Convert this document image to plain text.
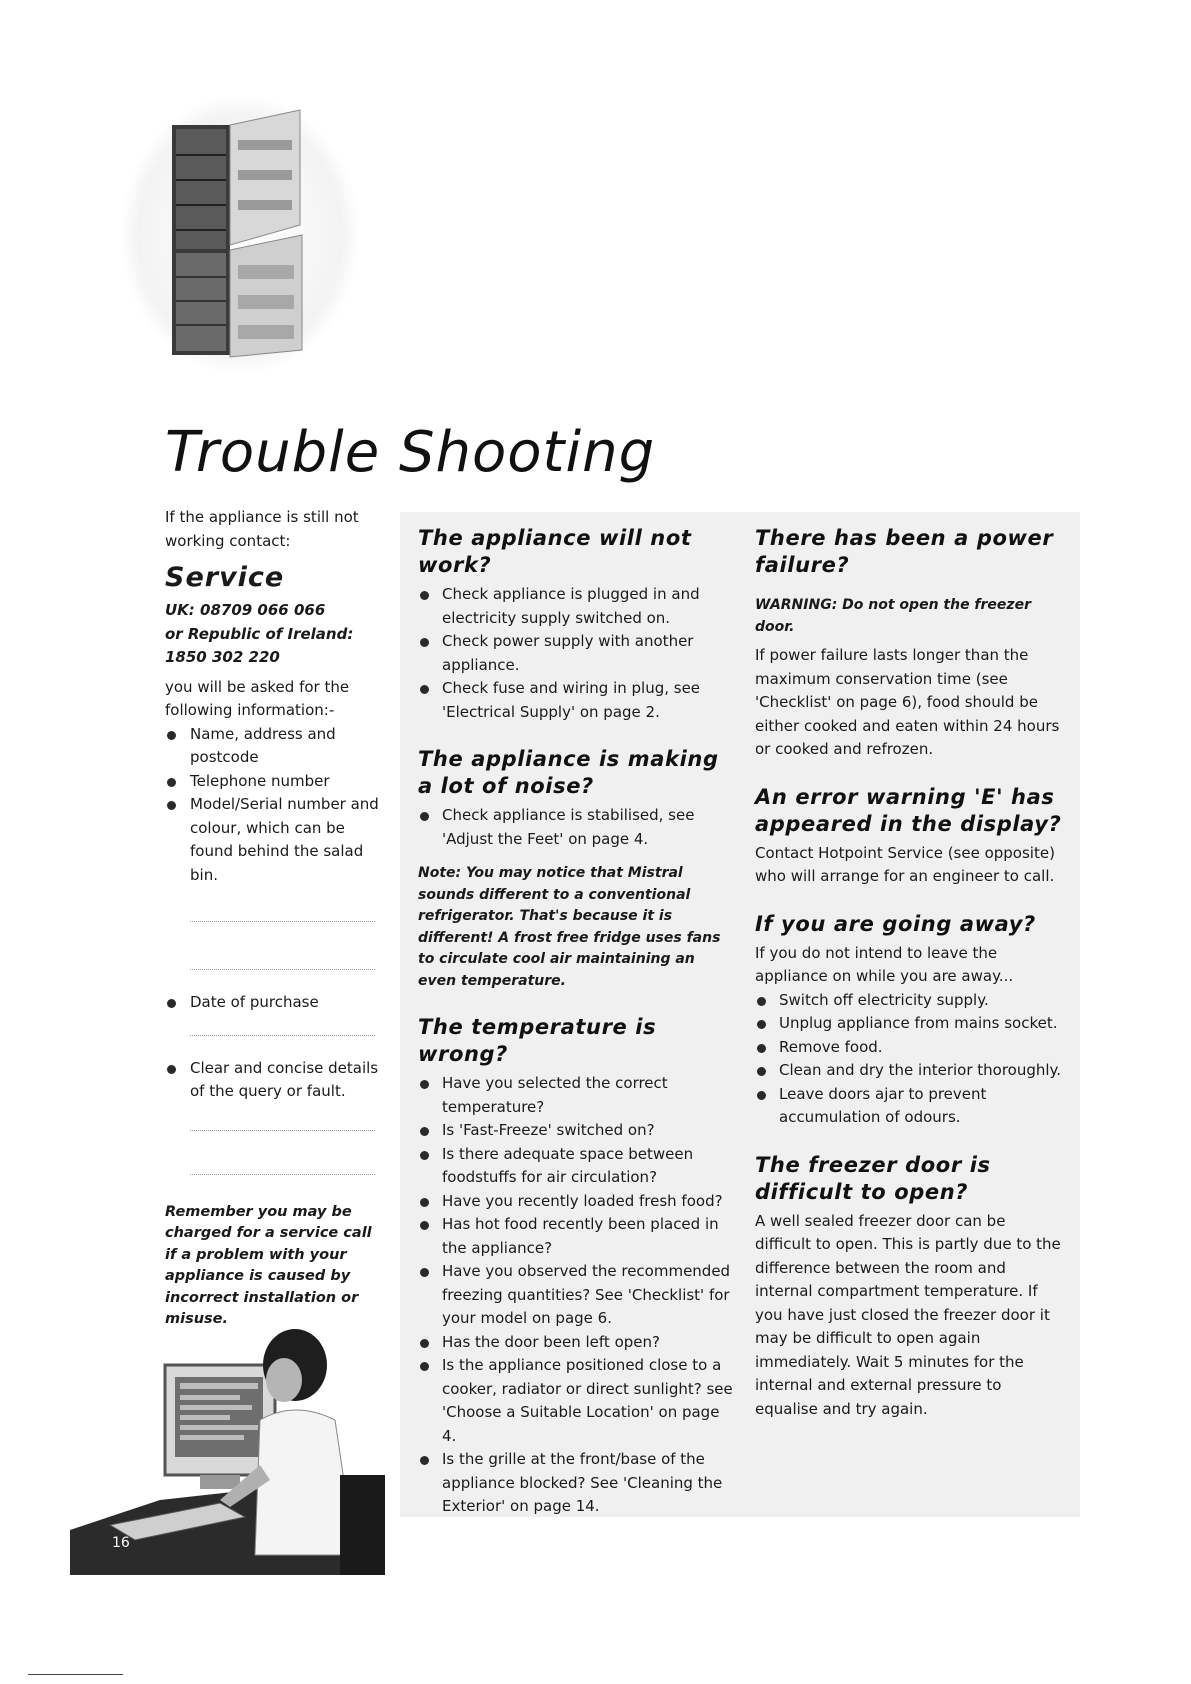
Trouble Shooting

If the appliance is still not working contact:

Service

UK: 08709 066 066

or Republic of Ireland:

1850 302 220

you will be asked for the following information:-

Name, address and postcode
Telephone number
Model/Serial number and colour, which can be found behind the salad bin.
Date of purchase
Clear and concise details of the query or fault.

Remember you may be charged for a service call if a problem with your appliance is caused by incorrect installation or misuse.

The appliance will not work?
Check appliance is plugged in and electricity supply switched on.
Check power supply with another appliance.
Check fuse and wiring in plug, see 'Electrical Supply' on page 2.
The appliance is making a lot of noise?
Check appliance is stabilised, see 'Adjust the Feet' on page 4.

Note: You may notice that Mistral sounds different to a conventional refrigerator. That's because it is different! A frost free fridge uses fans to circulate cool air maintaining an even temperature.

The temperature is wrong?
Have you selected the correct temperature?
Is 'Fast-Freeze' switched on?
Is there adequate space between foodstuffs for air circulation?
Have you recently loaded fresh food?
Has hot food recently been placed in the appliance?
Have you observed the recommended freezing quantities? See 'Checklist' for your model on page 6.
Has the door been left open?
Is the appliance positioned close to a cooker, radiator or direct sunlight? see 'Choose a Suitable Location' on page 4.
Is the grille at the front/base of the appliance blocked? See 'Cleaning the Exterior' on page 14.
There has been a power failure?

WARNING: Do not open the freezer door.

If power failure lasts longer than the maximum conservation time (see 'Checklist' on page 6), food should be either cooked and eaten within 24 hours or cooked and refrozen.

An error warning 'E' has appeared in the display?

Contact Hotpoint Service (see opposite) who will arrange for an engineer to call.

If you are going away?

If you do not intend to leave the appliance on while you are away...

Switch off electricity supply.
Unplug appliance from mains socket.
Remove food.
Clean and dry the interior thoroughly.
Leave doors ajar to prevent accumulation of odours.
The freezer door is difficult to open?

A well sealed freezer door can be difficult to open. This is partly due to the difference between the room and internal compartment temperature. If you have just closed the freezer door it may be difficult to open again immediately. Wait 5 minutes for the internal and external pressure to equalise and try again.

16
